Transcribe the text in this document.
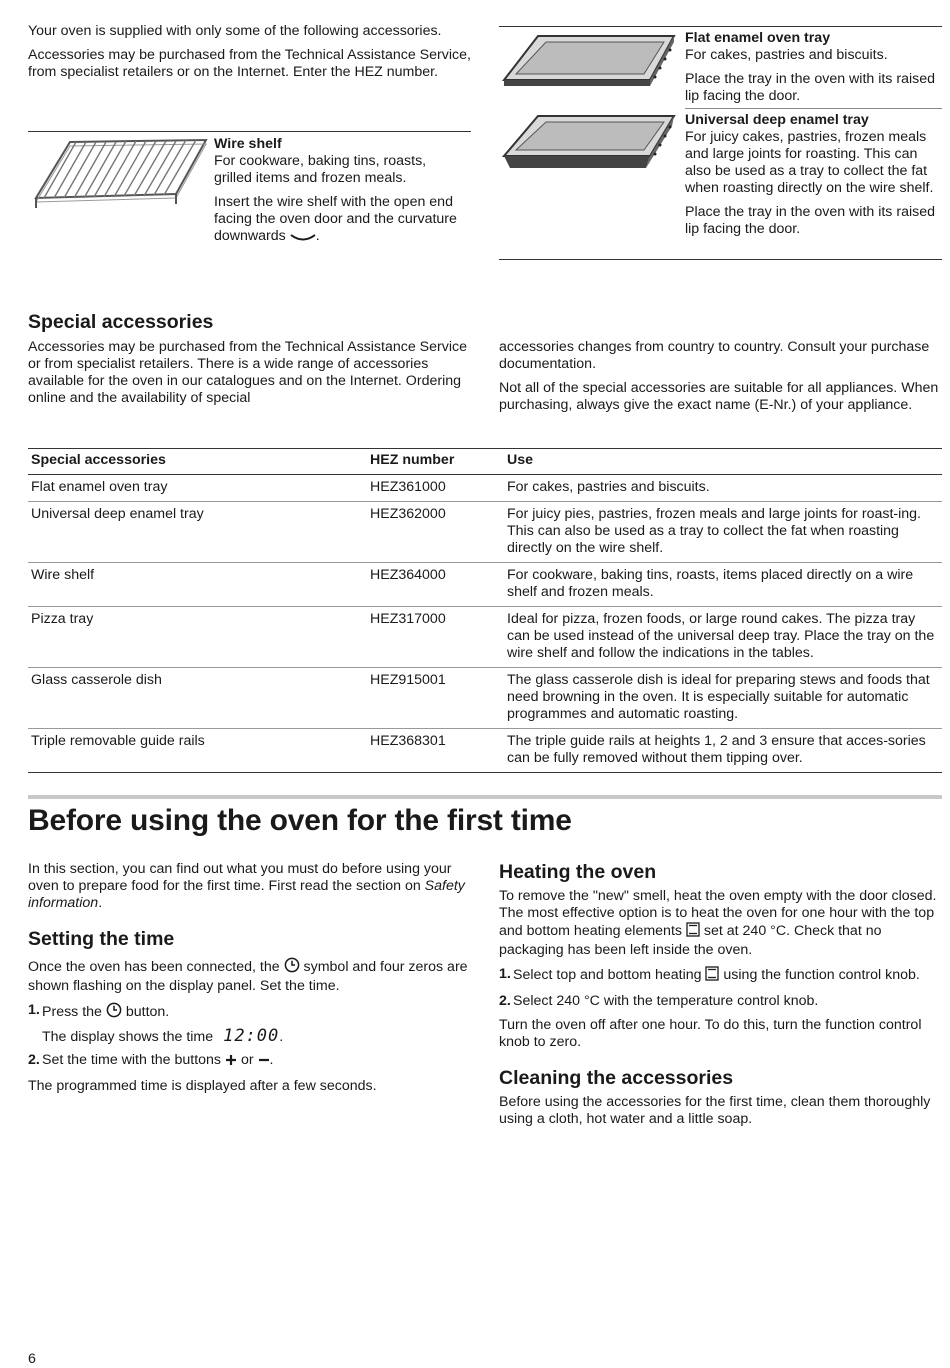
Your oven is supplied with only some of the following accessories.

Accessories may be purchased from the Technical Assistance Service, from specialist retailers or on the Internet. Enter the HEZ number.

Wire shelf

For cookware, baking tins, roasts, grilled items and frozen meals.

Insert the wire shelf with the open end facing the oven door and the curvature downwards .

Flat enamel oven tray

For cakes, pastries and biscuits.

Place the tray in the oven with its raised lip facing the door.

Universal deep enamel tray

For juicy cakes, pastries, frozen meals and large joints for roasting. This can also be used as a tray to collect the fat when roasting directly on the wire shelf.

Place the tray in the oven with its raised lip facing the door.

Special accessories

Accessories may be purchased from the Technical Assistance Service or from specialist retailers. There is a wide range of accessories available for the oven in our catalogues and on the Internet. Ordering online and the availability of special

accessories changes from country to country. Consult your purchase documentation.

Not all of the special accessories are suitable for all appliances. When purchasing, always give the exact name (E-Nr.) of your appliance.

Special accessories	HEZ number	Use
Flat enamel oven tray	HEZ361000	For cakes, pastries and biscuits.
Universal deep enamel tray	HEZ362000	For juicy pies, pastries, frozen meals and large joints for roast-ing. This can also be used as a tray to collect the fat when roasting directly on the wire shelf.
Wire shelf	HEZ364000	For cookware, baking tins, roasts, items placed directly on a wire shelf and frozen meals.
Pizza tray	HEZ317000	Ideal for pizza, frozen foods, or large round cakes. The pizza tray can be used instead of the universal deep tray. Place the tray on the wire shelf and follow the indications in the tables.
Glass casserole dish	HEZ915001	The glass casserole dish is ideal for preparing stews and foods that need browning in the oven. It is especially suitable for automatic programmes and automatic roasting.
Triple removable guide rails	HEZ368301	The triple guide rails at heights 1, 2 and 3 ensure that acces-sories can be fully removed without them tipping over.
Before using the oven for the first time

In this section, you can find out what you must do before using your oven to prepare food for the first time. First read the section on Safety information.

Setting the time

Once the oven has been connected, the symbol and four zeros are shown flashing on the display panel. Set the time.

1. Press the button.

The display shows the time 12:00.

2. Set the time with the buttons or .

The programmed time is displayed after a few seconds.

Heating the oven

To remove the "new" smell, heat the oven empty with the door closed. The most effective option is to heat the oven for one hour with the top and bottom heating elements set at 240 °C. Check that no packaging has been left inside the oven.

1. Select top and bottom heating using the function control knob.
2. Select 240 °C with the temperature control knob.

Turn the oven off after one hour. To do this, turn the function control knob to zero.

Cleaning the accessories

Before using the accessories for the first time, clean them thoroughly using a cloth, hot water and a little soap.

6
